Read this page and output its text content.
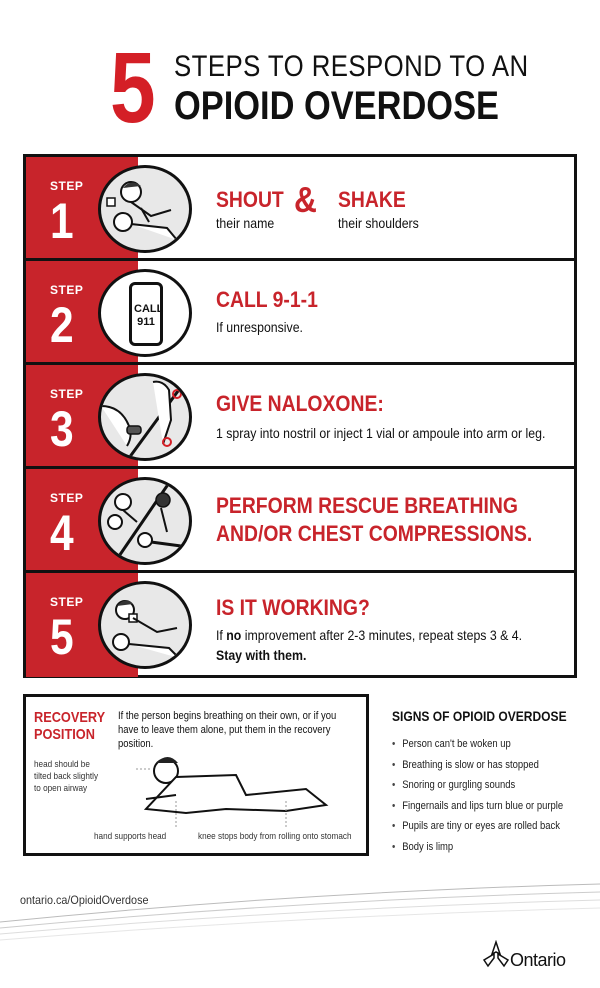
5 STEPS TO RESPOND TO AN
OPIOID OVERDOSE
STEP
1	SHOUT & SHAKE
their name	their shoulders
STEP
2	CALL
911
CALL 9-1-1
If unresponsive.
STEP
3	GIVE NALOXONE:
1 spray into nostril or inject 1 vial or ampoule into arm or leg.
STEP
4	PERFORM RESCUE BREATHING
AND/OR CHEST COMPRESSIONS.
STEP
5
IS IT WORKING?
If no improvement after 2-3 minutes, repeat steps 3 & 4.
Stay with them.
RECOVERY
POSITION
If the person begins breathing on their own, or if you have to leave them alone, put them in the recovery position.
head should be
tilted back slightly
to open airway
hand supports head	knee stops body from rolling onto stomach
SIGNS OF OPIOID OVERDOSE
• Person can't be woken up
• Breathing is slow or has stopped
• Snoring or gurgling sounds
• Fingernails and lips turn blue or purple
• Pupils are tiny or eyes are rolled back
• Body is limp
ontario.ca/OpioidOverdose
Ontario
